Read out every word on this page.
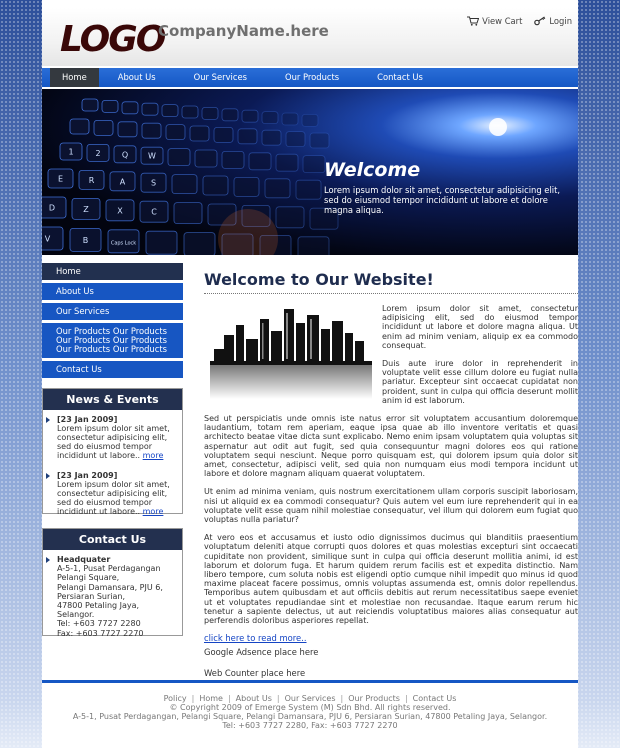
LOGO
CompanyName.here
View Cart	Login
Home	About Us	Our Services	Our Products	Contact Us
1	2	Q W
E	R	A	S
D	Z	X	C
V	B	Caps Lock
Welcome
Lorem ipsum dolor sit amet, consectetur adipisicing elit, sed do eiusmod tempor incididunt ut labore et dolore magna aliqua.
Home
About Us
Our Services
Our Products Our Products
Our Products Our Products
Our Products Our Products
Contact Us
News & Events
[23 Jan 2009]
Lorem ipsum dolor sit amet, consectetur adipisicing elit, sed do eiusmod tempor incididunt ut labore.. more
[23 Jan 2009]
Lorem ipsum dolor sit amet, consectetur adipisicing elit, sed do eiusmod tempor incididunt ut labore.. more
Contact Us
Headquater
A-5-1, Pusat Perdagangan
Pelangi Square,
Pelangi Damansara, PJU 6,
Persiaran Surian,
47800 Petaling Jaya, Selangor.
Tel: +603 7727 2280
Fax: +603 7727 2270
Welcome to Our Website!

Lorem ipsum dolor sit amet, consectetur adipisicing elit, sed do eiusmod tempor incididunt ut labore et dolore magna aliqua. Ut enim ad minim veniam, aliquip ex ea commodo consequat.

Duis aute irure dolor in reprehenderit in voluptate velit esse cillum dolore eu fugiat nulla pariatur. Excepteur sint occaecat cupidatat non proident, sunt in culpa qui officia deserunt mollit anim id est laborum.

Sed ut perspiciatis unde omnis iste natus error sit voluptatem accusantium doloremque laudantium, totam rem aperiam, eaque ipsa quae ab illo inventore veritatis et quasi architecto beatae vitae dicta sunt explicabo. Nemo enim ipsam voluptatem quia voluptas sit aspernatur aut odit aut fugit, sed quia consequuntur magni dolores eos qui ratione voluptatem sequi nesciunt. Neque porro quisquam est, qui dolorem ipsum quia dolor sit amet, consectetur, adipisci velit, sed quia non numquam eius modi tempora incidunt ut labore et dolore magnam aliquam quaerat voluptatem.

Ut enim ad minima veniam, quis nostrum exercitationem ullam corporis suscipit laboriosam, nisi ut aliquid ex ea commodi consequatur? Quis autem vel eum iure reprehenderit qui in ea voluptate velit esse quam nihil molestiae consequatur, vel illum qui dolorem eum fugiat quo voluptas nulla pariatur?

At vero eos et accusamus et iusto odio dignissimos ducimus qui blanditiis praesentium voluptatum deleniti atque corrupti quos dolores et quas molestias excepturi sint occaecati cupiditate non provident, similique sunt in culpa qui officia deserunt mollitia animi, id est laborum et dolorum fuga. Et harum quidem rerum facilis est et expedita distinctio. Nam libero tempore, cum soluta nobis est eligendi optio cumque nihil impedit quo minus id quod maxime placeat facere possimus, omnis voluptas assumenda est, omnis dolor repellendus. Temporibus autem quibusdam et aut officiis debitis aut rerum necessitatibus saepe eveniet ut et voluptates repudiandae sint et molestiae non recusandae. Itaque earum rerum hic tenetur a sapiente delectus, ut aut reiciendis voluptatibus maiores alias consequatur aut perferendis doloribus asperiores repellat.

click here to read more..
Google Adsence place here
Web Counter place here
Policy | Home | About Us | Our Services | Our Products | Contact Us
© Copyright 2009 of Emerge System (M) Sdn Bhd. All rights reserved.
A-5-1, Pusat Perdagangan, Pelangi Square, Pelangi Damansara, PJU 6, Persiaran Surian, 47800 Petaling Jaya, Selangor.
Tel: +603 7727 2280, Fax: +603 7727 2270
